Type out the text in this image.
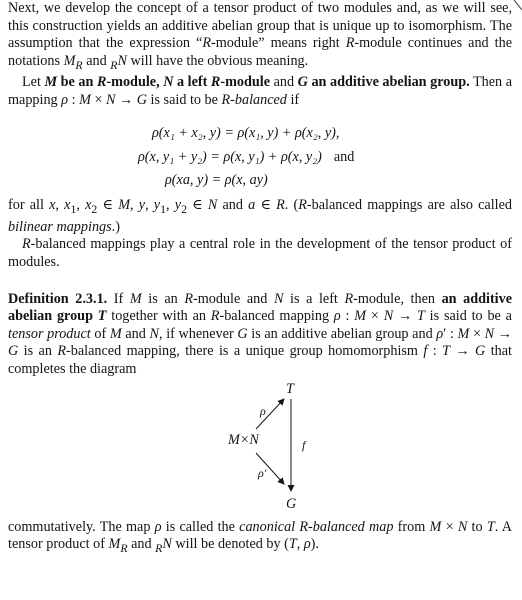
Next, we develop the concept of a tensor product of two modules and, as we will see, this construction yields an additive abelian group that is unique up to isomorphism. The assumption that the expression “R-module” means right R-module continues and the notations $M_R$ and $_R$N will have the obvious meaning.

Let M be an R-module, N a left R-module and G an additive abelian group. Then a mapping ρ : M × N → G is said to be R-balanced if

ρ(x₁ + x₂, y) = ρ(x₁, y) + ρ(x₂, y),
ρ(x, y₁ + y₂) = ρ(x, y₁) + ρ(x, y₂) and
ρ(xa, y) = ρ(x, ay)

for all x, $x_1$, $x_2$ ∈ M, y, $y_1$, $y_2$ ∈ N and a ∈ R. (R-balanced mappings are also called bilinear mappings.)

R-balanced mappings play a central role in the development of the tensor product of modules.

Definition 2.3.1. If M is an R-module and N is a left R-module, then an additive abelian group T together with an R-balanced mapping ρ : M × N → T is said to be a tensor product of M and N, if whenever G is an additive abelian group and ρ′ : M × N → G is an R-balanced mapping, there is a unique group homomorphism f : T → G that completes the diagram

T
G
M×N
ρ
ρ′
f

commutatively. The map ρ is called the canonical R-balanced map from M × N to T. A tensor product of $M_R$ and $_R$N will be denoted by (T, ρ).
